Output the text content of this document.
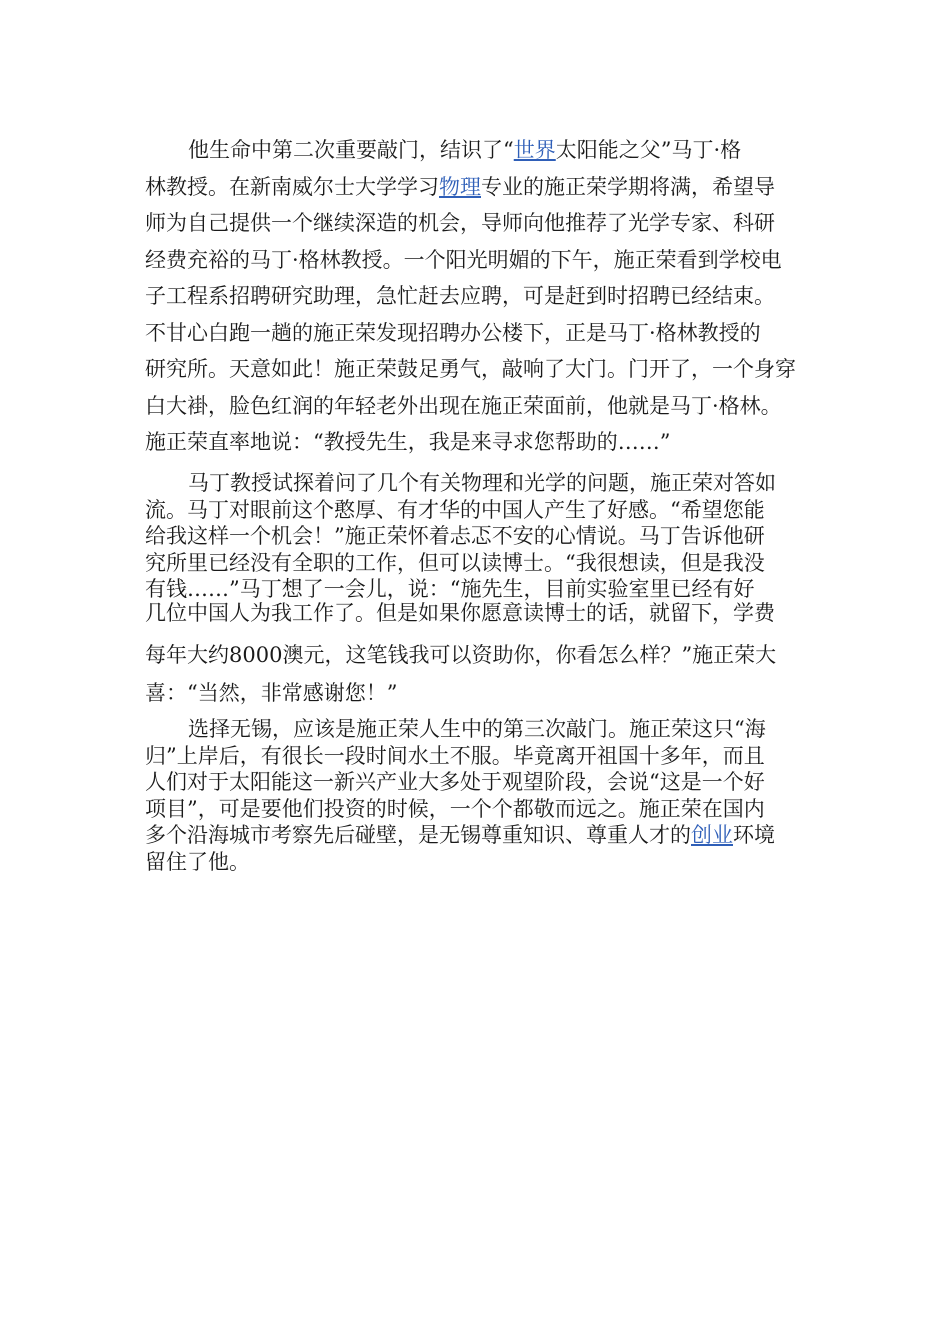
他生命中第二次重要敲门，结识了“世界太阳能之父”马丁·格
林教授。在新南威尔士大学学习物理专业的施正荣学期将满，希望导
师为自己提供一个继续深造的机会，导师向他推荐了光学专家、科研
经费充裕的马丁·格林教授。一个阳光明媚的下午，施正荣看到学校电
子工程系招聘研究助理，急忙赶去应聘，可是赶到时招聘已经结束。
不甘心白跑一趟的施正荣发现招聘办公楼下，正是马丁·格林教授的
研究所。天意如此！施正荣鼓足勇气，敲响了大门。门开了，一个身穿
白大褂，脸色红润的年轻老外出现在施正荣面前，他就是马丁·格林。
施正荣直率地说：“教授先生，我是来寻求您帮助的……”
马丁教授试探着问了几个有关物理和光学的问题，施正荣对答如
流。马丁对眼前这个憨厚、有才华的中国人产生了好感。“希望您能
给我这样一个机会！”施正荣怀着忐忑不安的心情说。马丁告诉他研
究所里已经没有全职的工作，但可以读博士。“我很想读，但是我没
有钱……”马丁想了一会儿，说：“施先生，目前实验室里已经有好
几位中国人为我工作了。但是如果你愿意读博士的话，就留下，学费
每年大约8000澳元，这笔钱我可以资助你，你看怎么样？”施正荣大
喜：“当然，非常感谢您！”
选择无锡，应该是施正荣人生中的第三次敲门。施正荣这只“海
归”上岸后，有很长一段时间水土不服。毕竟离开祖国十多年，而且
人们对于太阳能这一新兴产业大多处于观望阶段，会说“这是一个好
项目”，可是要他们投资的时候，一个个都敬而远之。施正荣在国内
多个沿海城市考察先后碰壁，是无锡尊重知识、尊重人才的创业环境
留住了他。
